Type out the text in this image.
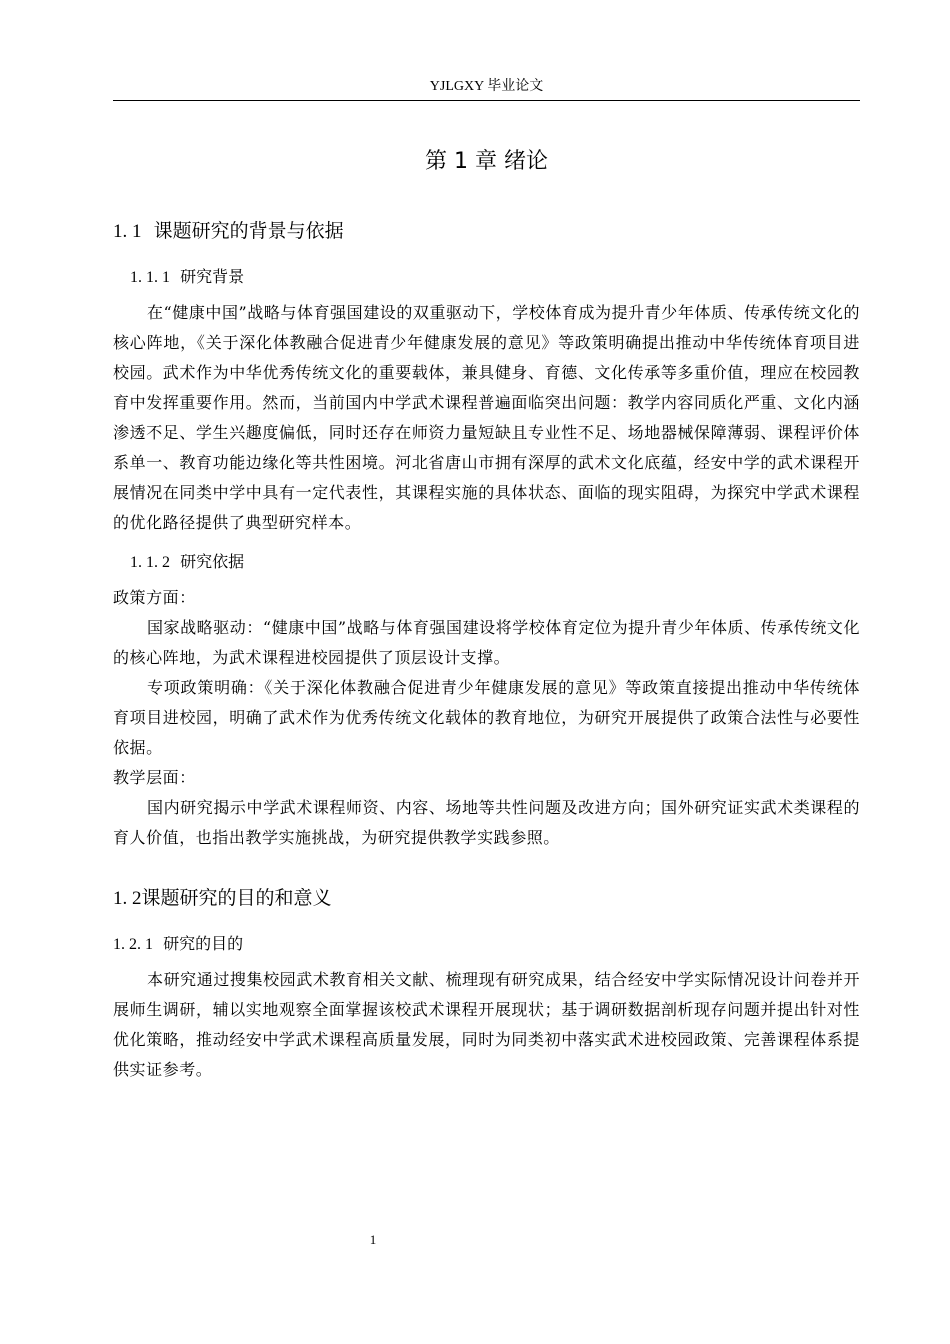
YJLGXY 毕业论文
第 1 章 绪论
1. 1 课题研究的背景与依据
1. 1. 1 研究背景

在“健康中国”战略与体育强国建设的双重驱动下，学校体育成为提升青少年体质、传承传统文化的核心阵地，《关于深化体教融合促进青少年健康发展的意见》等政策明确提出推动中华传统体育项目进校园。武术作为中华优秀传统文化的重要载体，兼具健身、育德、文化传承等多重价值，理应在校园教育中发挥重要作用。然而，当前国内中学武术课程普遍面临突出问题：教学内容同质化严重、文化内涵渗透不足、学生兴趣度偏低，同时还存在师资力量短缺且专业性不足、场地器械保障薄弱、课程评价体系单一、教育功能边缘化等共性困境。河北省唐山市拥有深厚的武术文化底蕴，经安中学的武术课程开展情况在同类中学中具有一定代表性，其课程实施的具体状态、面临的现实阻碍，为探究中学武术课程的优化路径提供了典型研究样本。

1. 1. 2 研究依据

政策方面：

国家战略驱动：“健康中国”战略与体育强国建设将学校体育定位为提升青少年体质、传承传统文化的核心阵地，为武术课程进校园提供了顶层设计支撑。

专项政策明确：《关于深化体教融合促进青少年健康发展的意见》等政策直接提出推动中华传统体育项目进校园，明确了武术作为优秀传统文化载体的教育地位，为研究开展提供了政策合法性与必要性依据。

教学层面：

国内研究揭示中学武术课程师资、内容、场地等共性问题及改进方向；国外研究证实武术类课程的育人价值，也指出教学实施挑战，为研究提供教学实践参照。

1. 2课题研究的目的和意义
1. 2. 1 研究的目的

本研究通过搜集校园武术教育相关文献、梳理现有研究成果，结合经安中学实际情况设计问卷并开展师生调研，辅以实地观察全面掌握该校武术课程开展现状；基于调研数据剖析现存问题并提出针对性优化策略，推动经安中学武术课程高质量发展，同时为同类初中落实武术进校园政策、完善课程体系提供实证参考。

1
